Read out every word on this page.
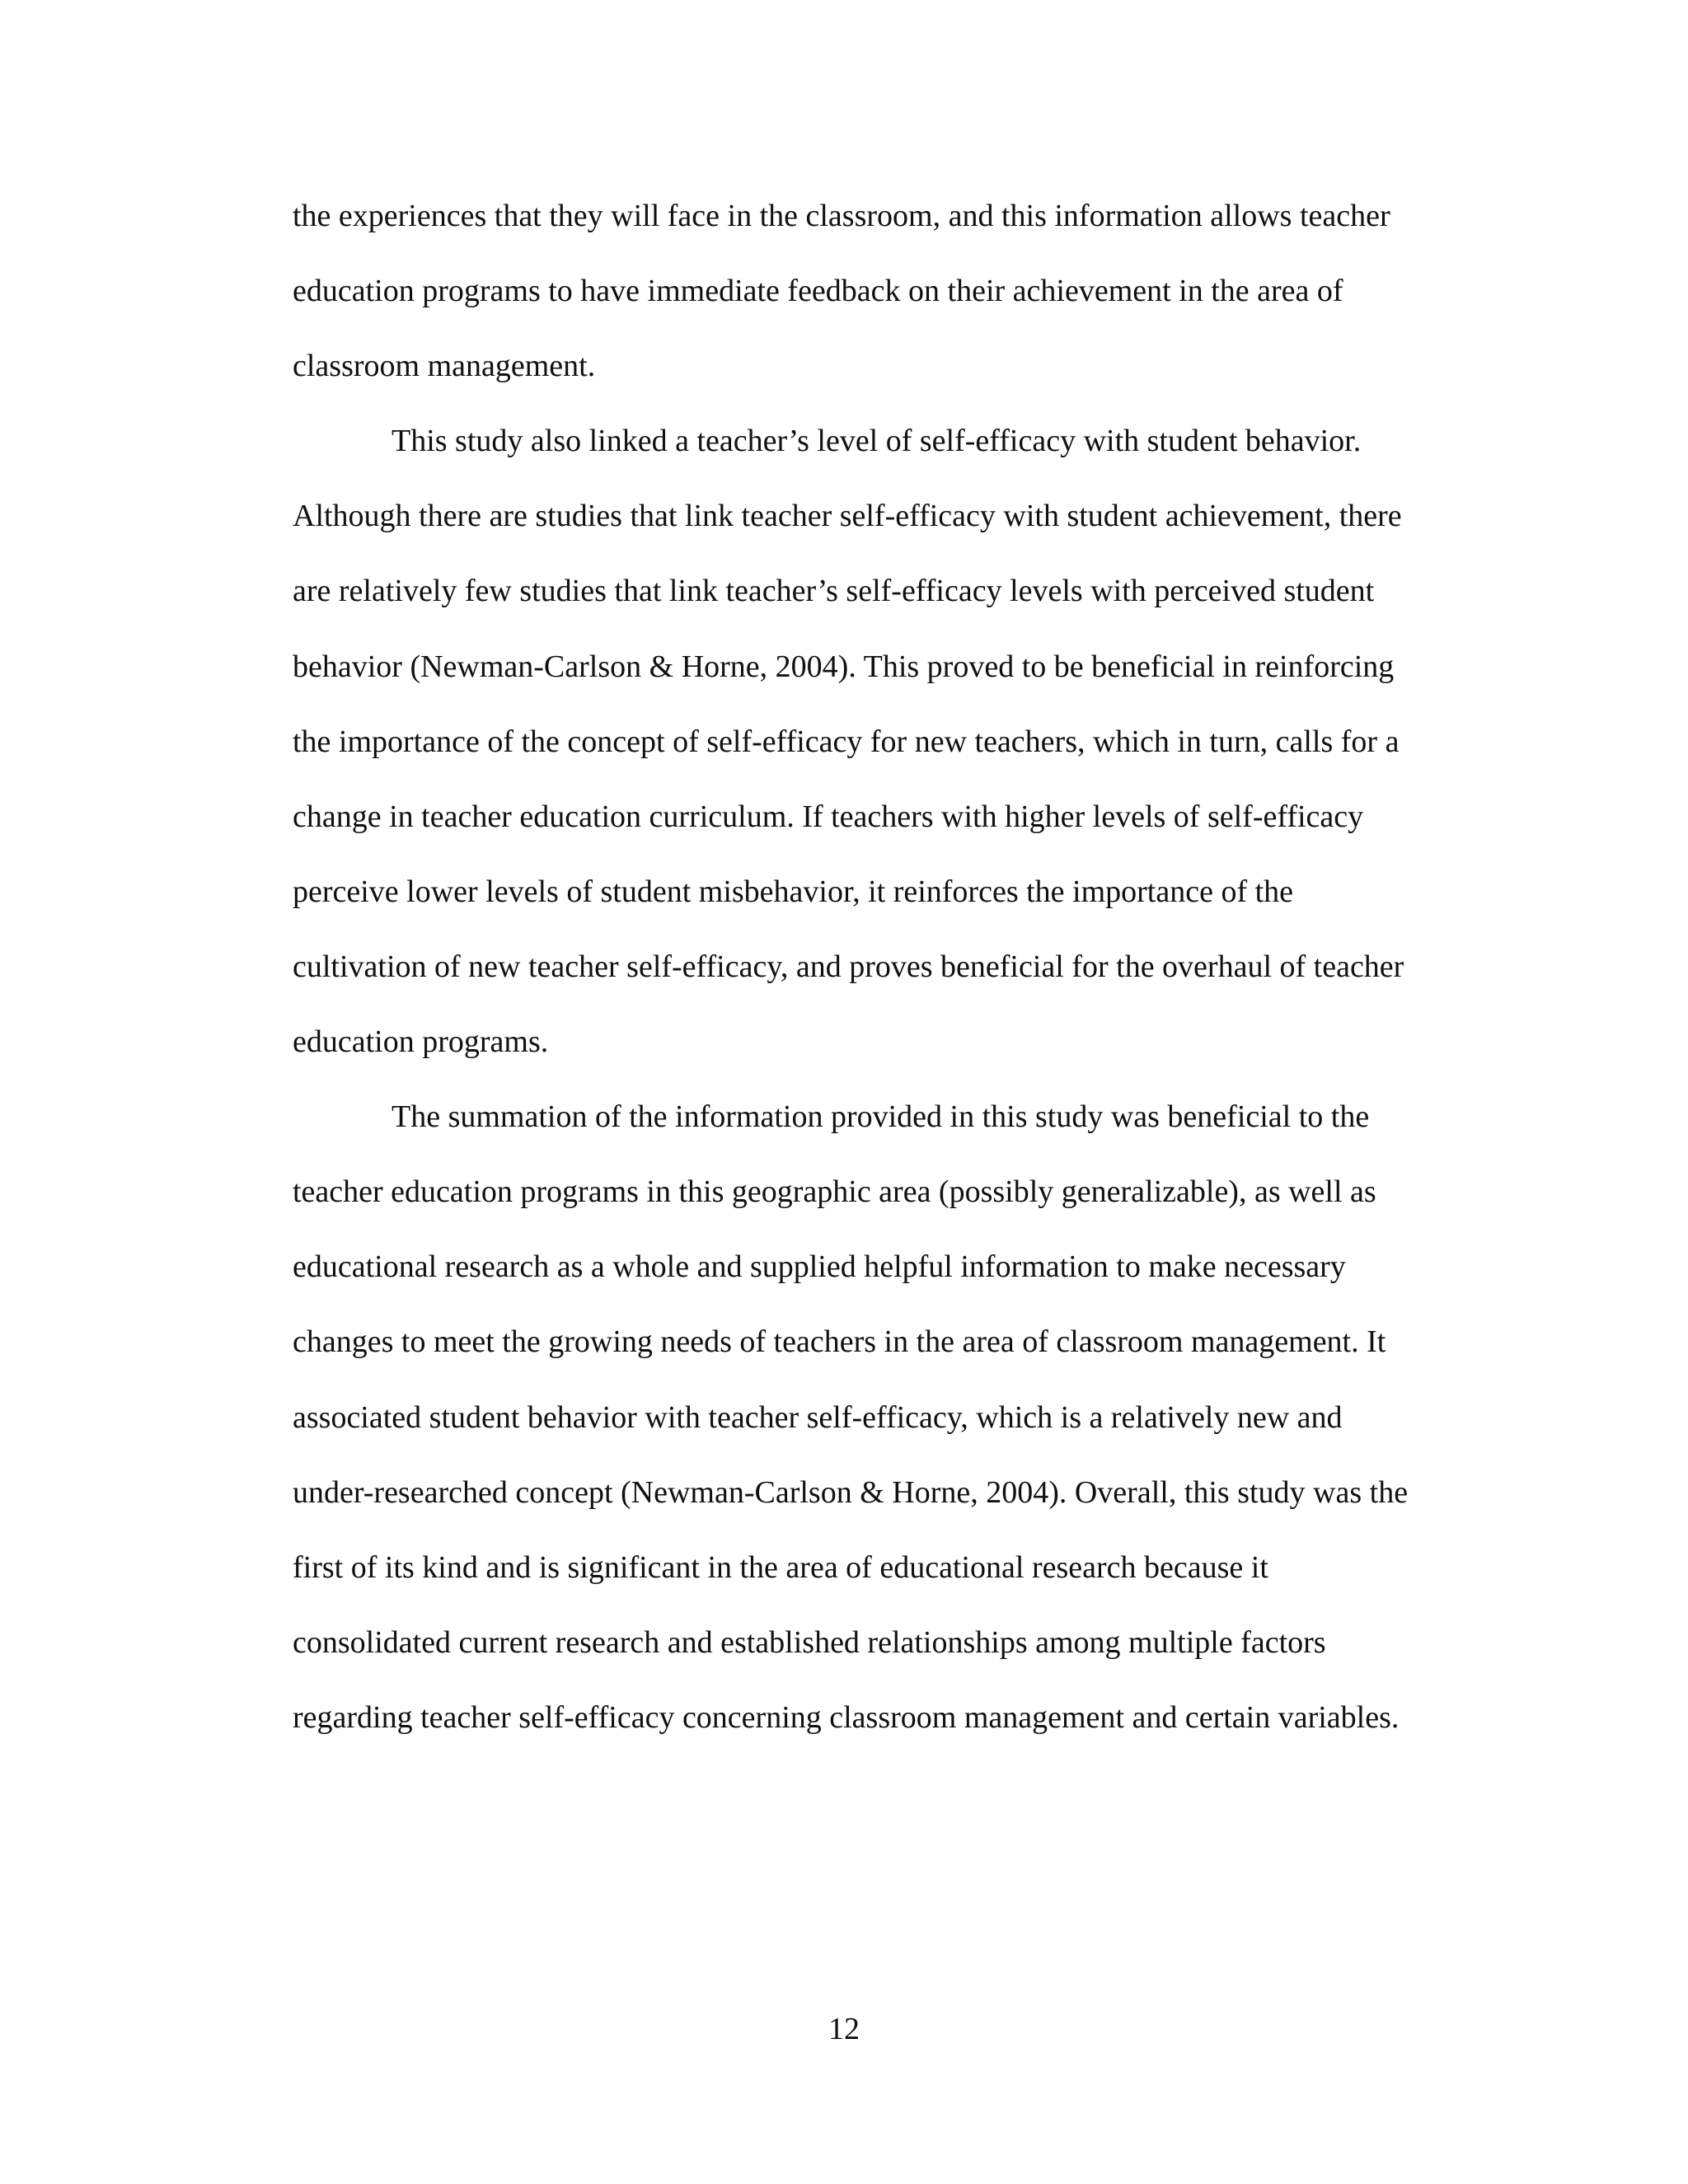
the experiences that they will face in the classroom, and this information allows teacher
education programs to have immediate feedback on their achievement in the area of
classroom management.
This study also linked a teacher’s level of self-efficacy with student behavior.
Although there are studies that link teacher self-efficacy with student achievement, there
are relatively few studies that link teacher’s self-efficacy levels with perceived student
behavior (Newman-Carlson & Horne, 2004). This proved to be beneficial in reinforcing
the importance of the concept of self-efficacy for new teachers, which in turn, calls for a
change in teacher education curriculum. If teachers with higher levels of self-efficacy
perceive lower levels of student misbehavior, it reinforces the importance of the
cultivation of new teacher self-efficacy, and proves beneficial for the overhaul of teacher
education programs.
The summation of the information provided in this study was beneficial to the
teacher education programs in this geographic area (possibly generalizable), as well as
educational research as a whole and supplied helpful information to make necessary
changes to meet the growing needs of teachers in the area of classroom management. It
associated student behavior with teacher self-efficacy, which is a relatively new and
under-researched concept (Newman-Carlson & Horne, 2004). Overall, this study was the
first of its kind and is significant in the area of educational research because it
consolidated current research and established relationships among multiple factors
regarding teacher self-efficacy concerning classroom management and certain variables.
12
